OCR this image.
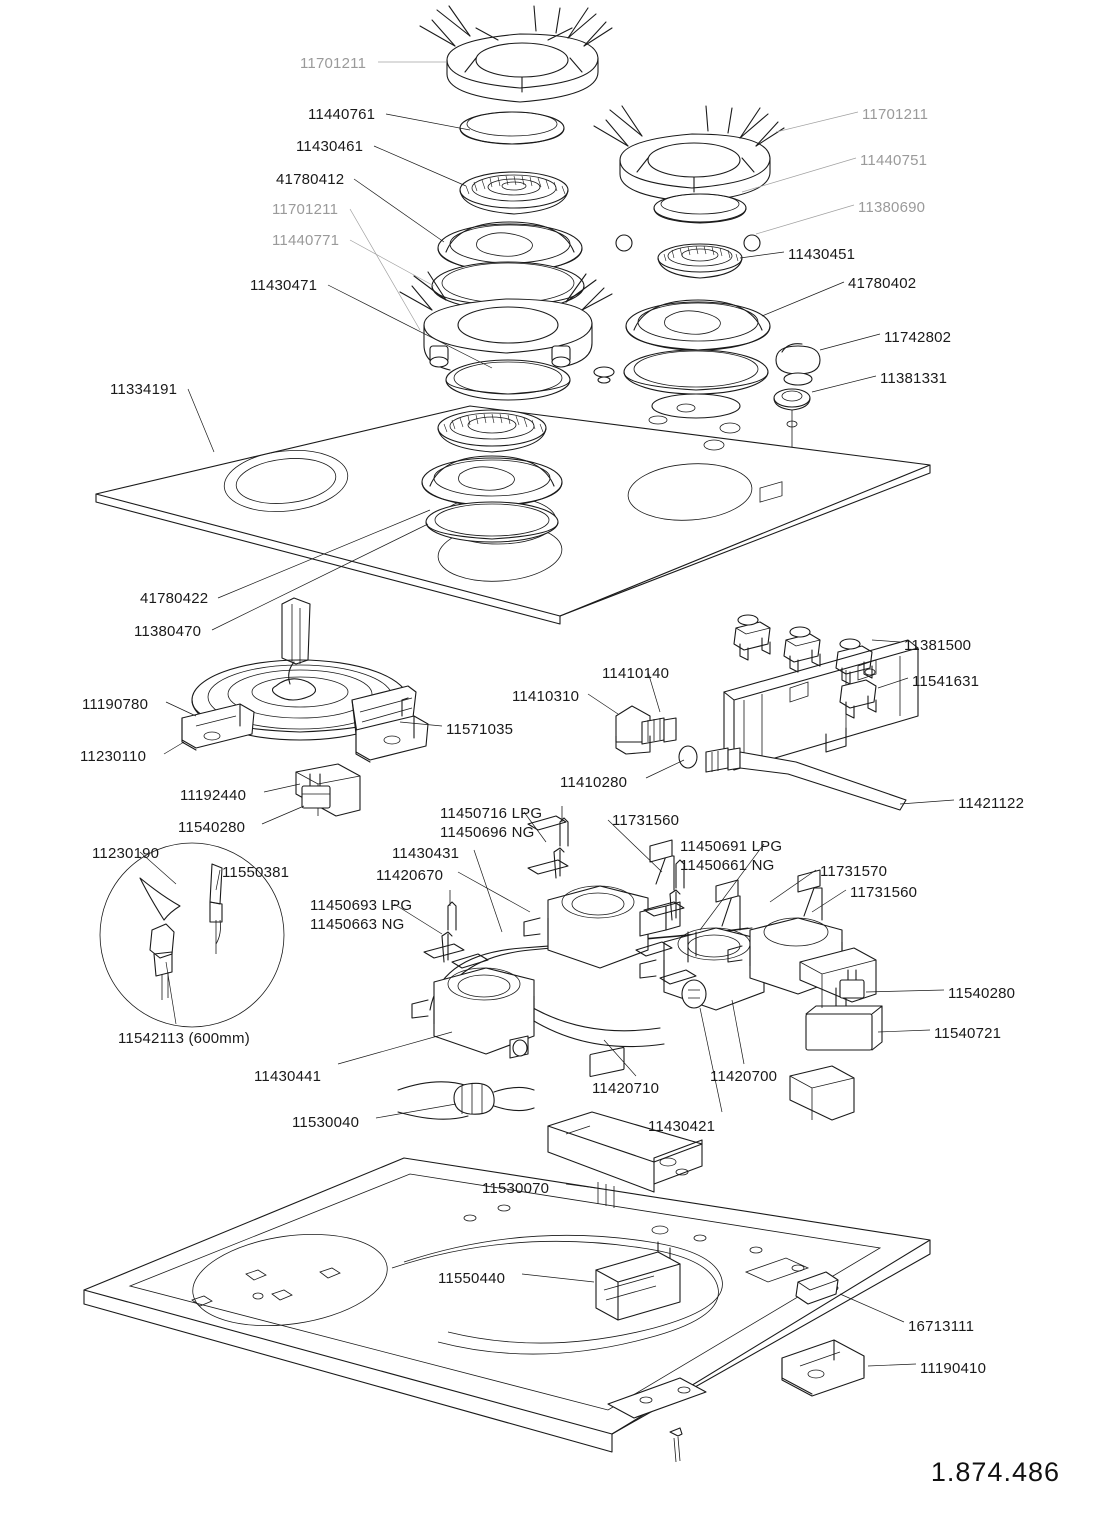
11701211
11440761
11430461
41780412
11701211
11440771
11430471
11334191
41780422
11380470
11701211
11440751
11380690
11430451
41780402
11742802
11381331
11381500
11541631
11410140
11410310
11410280
11421122
11190780
11230110
11571035
11192440
11540280
11230190
11550381
11542113 (600mm)
11450716 LPG
11450696 NG
11430431
11420670
11450693 LPG
11450663 NG
11731560
11450691 LPG
11450661 NG	11731570
11731560
11540280
11540721
11430441
11420710
11420700
11430421
11530040
11530070
11550440
16713111
11190410
1.874.486
